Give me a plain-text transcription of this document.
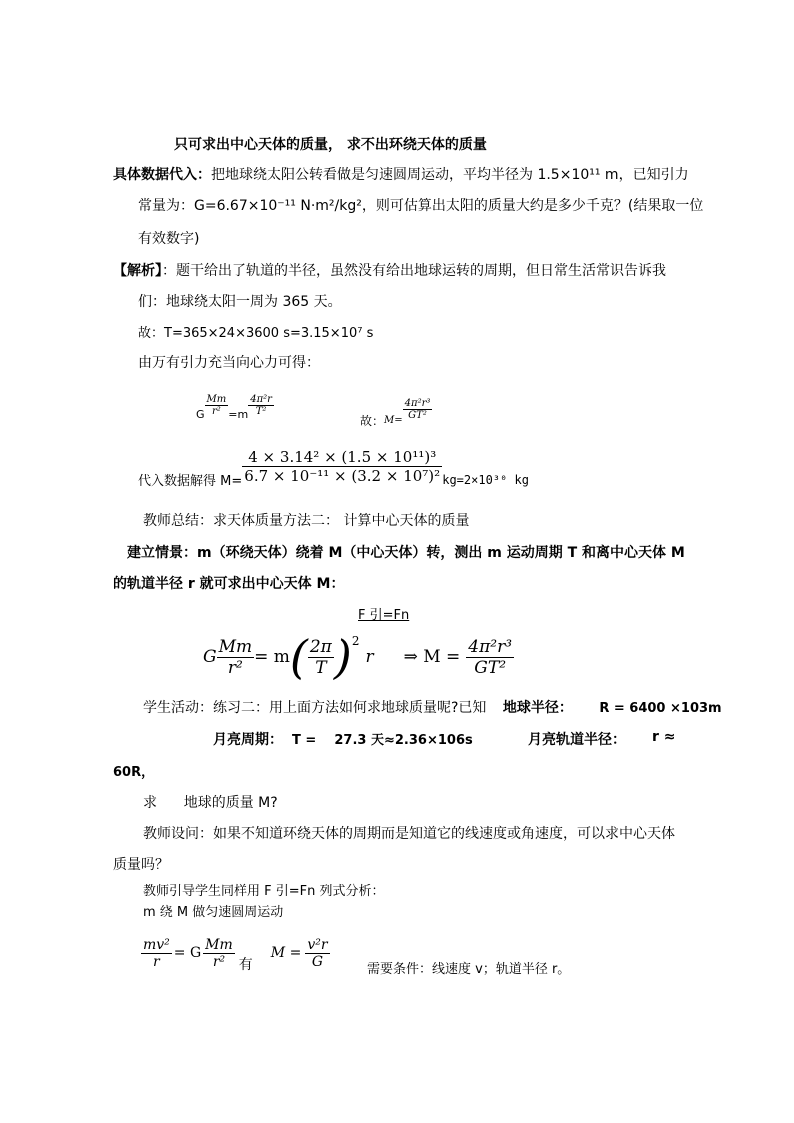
只可求出中心天体的质量， 求不出环绕天体的质量
具体数据代入：把地球绕太阳公转看做是匀速圆周运动，平均半径为 1.5×10¹¹ m，已知引力
常量为：G=6.67×10⁻¹¹ N·m²/kg²，则可估算出太阳的质量大约是多少千克？(结果取一位
有效数字)
【解析】：题干给出了轨道的半径，虽然没有给出地球运转的周期，但日常生活常识告诉我
们：地球绕太阳一周为 365 天。
故：T=365×24×3600 s=3.15×10⁷ s
由万有引力充当向心力可得：
G $\frac{Mm}{\text{r²}} =m \frac{\text{4π²r}}{\text{T²}}$
故： $M= \frac{\text{4π²r³}}{\text{GT²}}$
代入数据解得 $M= \frac{\text{4 × 3.14² × (1.5 × 10¹¹)³}}{\text{6.7 × 10⁻¹¹ × (3.2 × 10⁷)²}} kg=2\times 10^{30}$ kg
教师总结：求天体质量方法二： 计算中心天体的质量
建立情景：m（环绕天体）绕着 M（中心天体）转，测出 m 运动周期 T 和离中心天体 M
的轨道半径 r 就可求出中心天体 M：
F 引=Fn
G $\frac{Mm}{\text{r²}} = m$ ( $\frac{2\pi}{T}$ ) 2
r ⇒ $M = \frac{\text{4π²r³}}{\text{GT²}}$
学生活动：练习二：用上面方法如何求地球质量呢?已知 地球半径： R = 6400 ×103m
月亮周期： T =    27.3 天≈2.36×106s	月亮轨道半径： r ≈
60R，
求      地球的质量 M?
教师设问：如果不知道环绕天体的周期而是知道它的线速度或角速度，可以求中心天体
质量吗？
教师引导学生同样用 F 引=Fn 列式分析：
m 绕 M 做匀速圆周运动
$\frac{\text{mv²}}{r} = G \frac{Mm}{\text{r²}}$ 有
$M = \frac{\text{v²r}}{G}$	需要条件：线速度 v；轨道半径 r。
